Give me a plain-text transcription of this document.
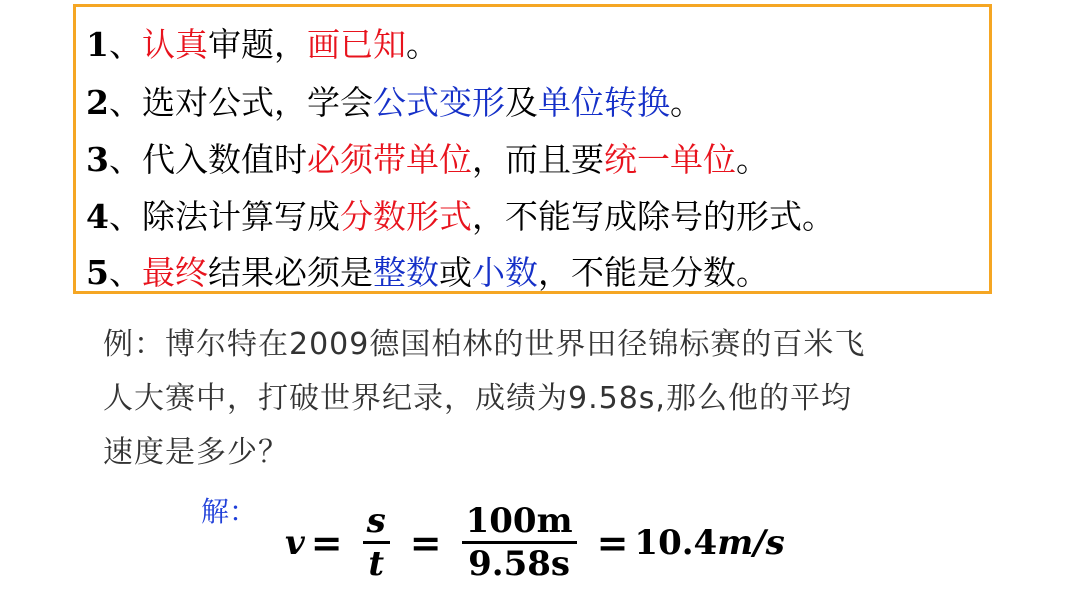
1、认真审题，画已知。
2、选对公式，学会公式变形及单位转换。
3、代入数值时必须带单位，而且要统一单位。
4、除法计算写成分数形式，不能写成除号的形式。
5、最终结果必须是整数或小数，不能是分数。
例：博尔特在2009德国柏林的世界田径锦标赛的百米飞
人大赛中，打破世界纪录，成绩为9.58s,那么他的平均
速度是多少？
解：
$v = \frac{s}{t} = \frac{100m}{9.58s} = 10.4$ m/s
